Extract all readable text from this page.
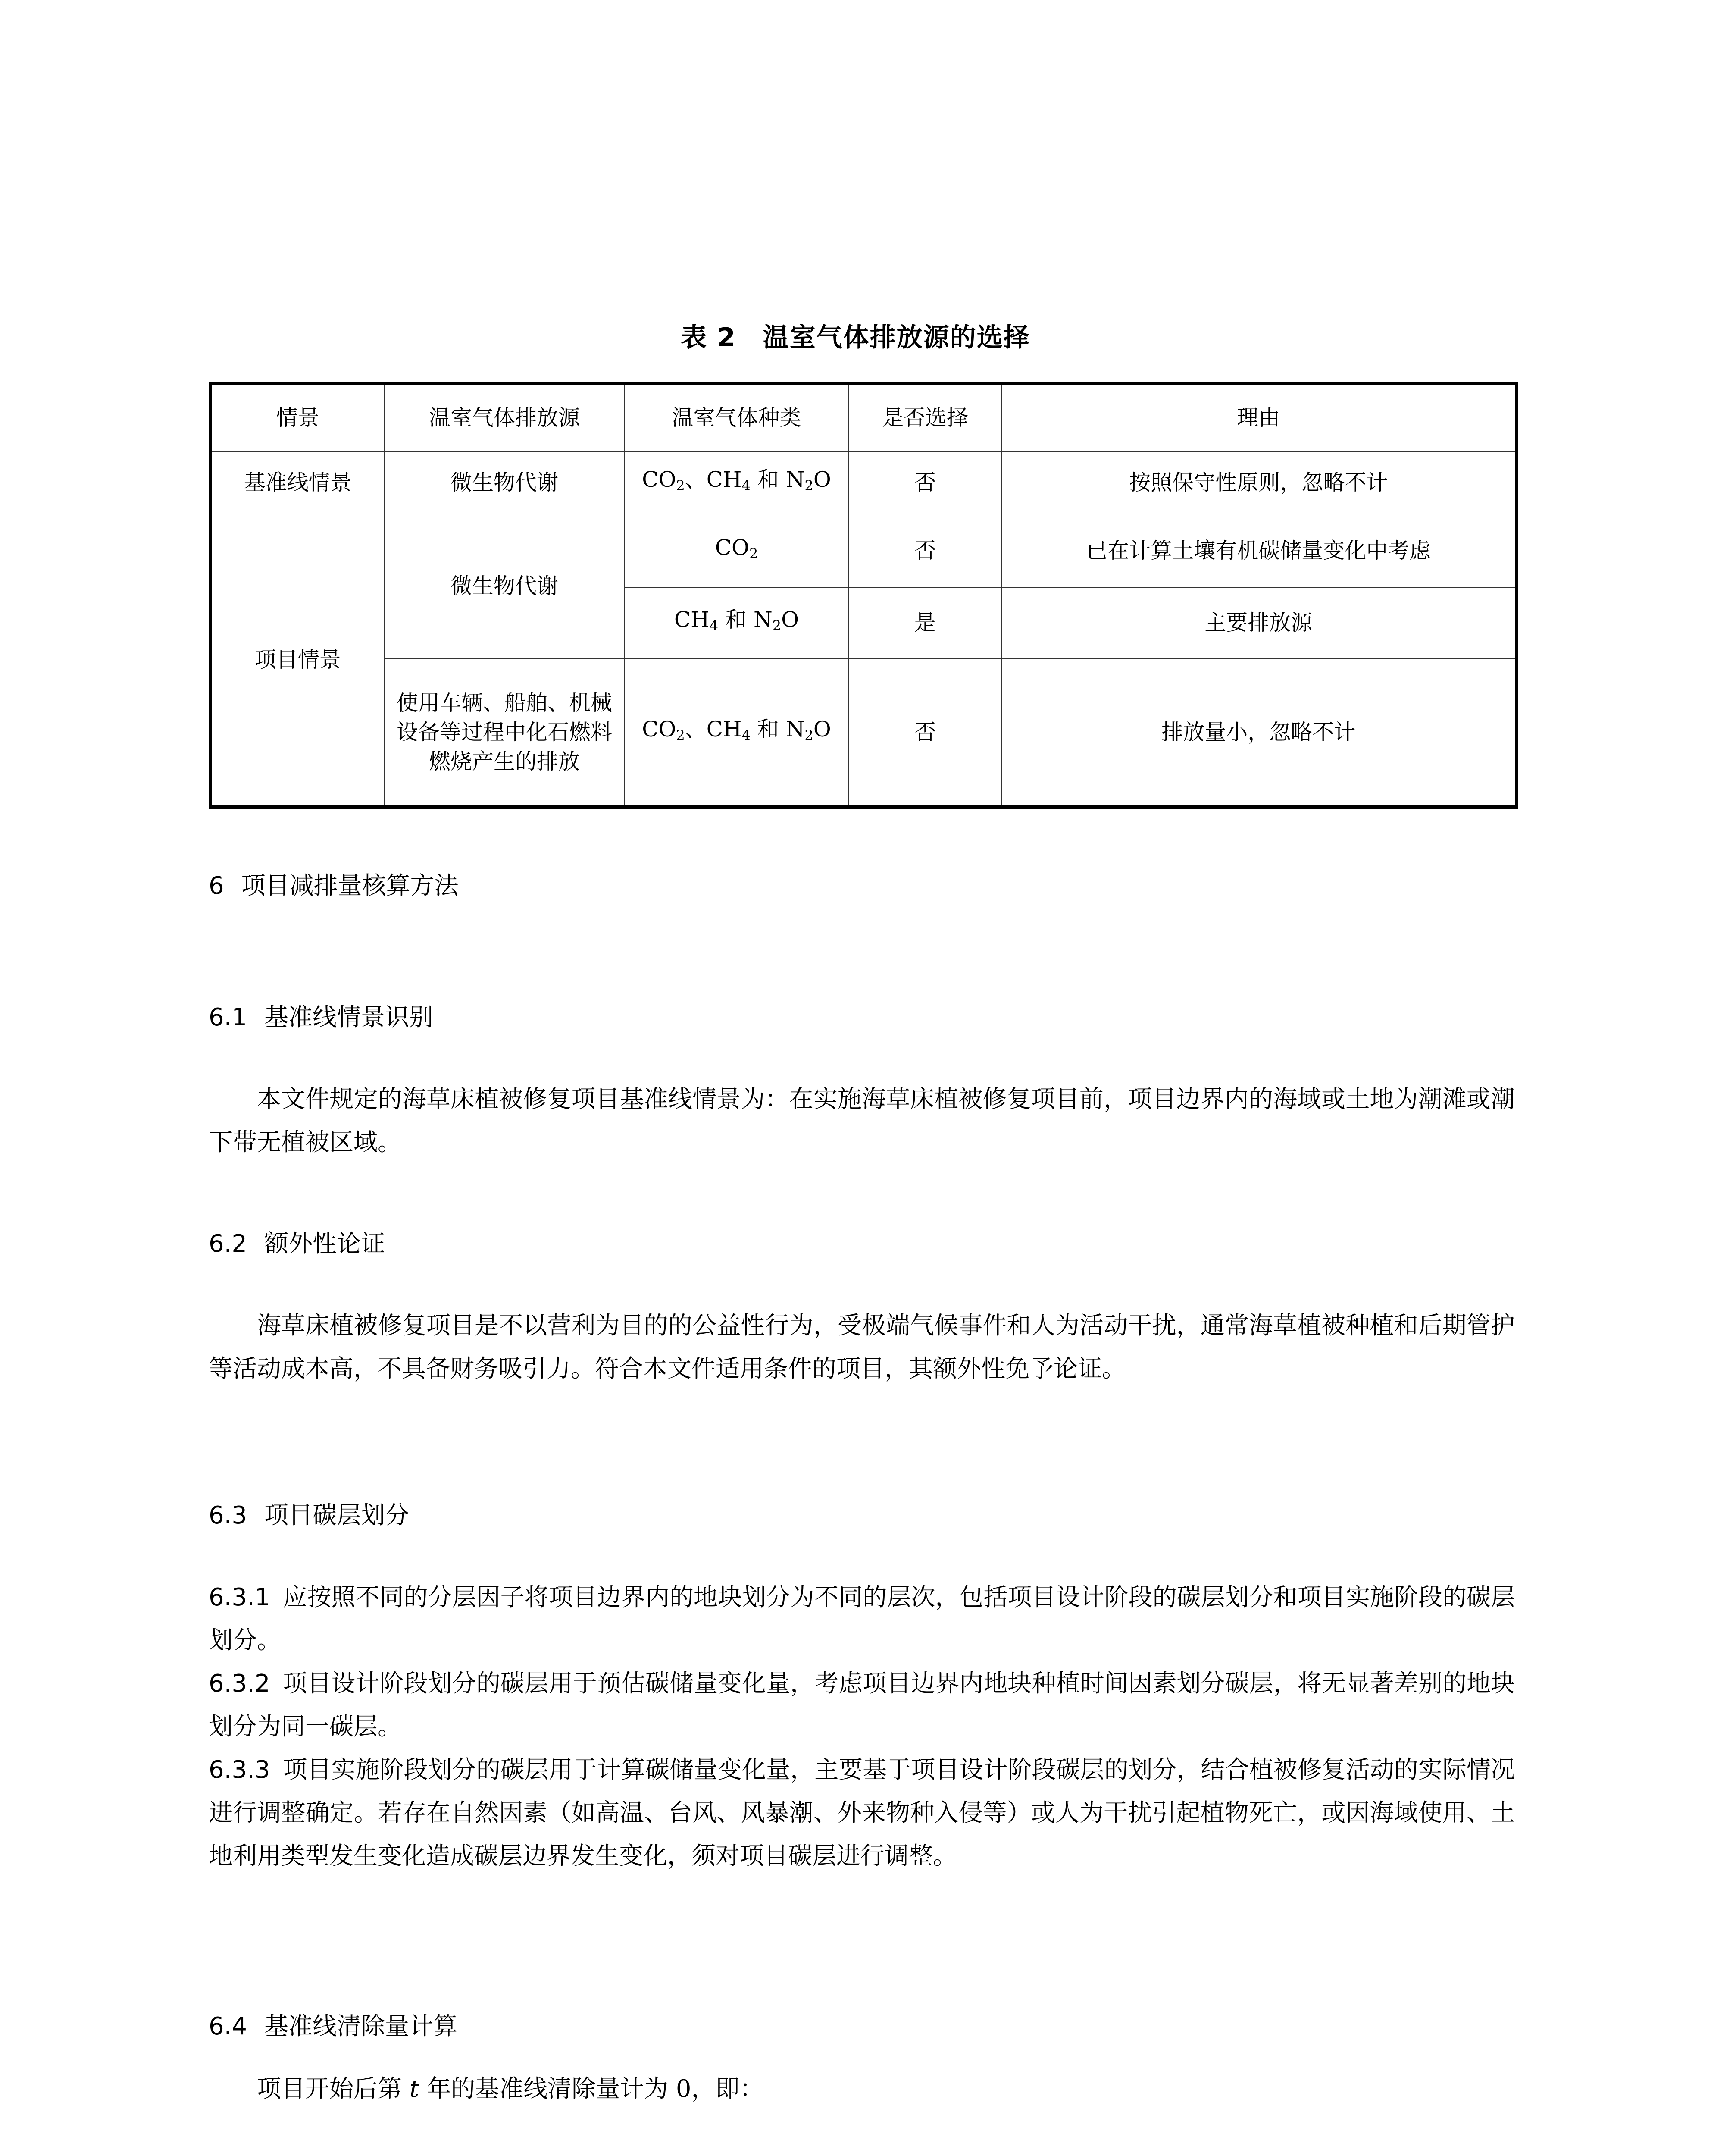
表 2　温室气体排放源的选择
情景	温室气体排放源	温室气体种类	是否选择	理由
基准线情景	微生物代谢	$CO_2$、$CH_4$ 和 $N_2O$	否	按照保守性原则，忽略不计
项目情景	微生物代谢	$CO_2$	否	已在计算土壤有机碳储量变化中考虑
		$CH_4$ 和 $N_2O$	是	主要排放源
	使用车辆、船舶、机械设备等过程中化石燃料燃烧产生的排放	$CO_2$、$CH_4$ 和 $N_2O$	否	排放量小，忽略不计
6 项目减排量核算方法
6.1 基准线情景识别
本文件规定的海草床植被修复项目基准线情景为：在实施海草床植被修复项目前，项目边界内的海域或土地为潮滩或潮下带无植被区域。
6.2 额外性论证
海草床植被修复项目是不以营利为目的的公益性行为，受极端气候事件和人为活动干扰，通常海草植被种植和后期管护等活动成本高，不具备财务吸引力。符合本文件适用条件的项目，其额外性免予论证。
6.3 项目碳层划分
6.3.1 应按照不同的分层因子将项目边界内的地块划分为不同的层次，包括项目设计阶段的碳层划分和项目实施阶段的碳层划分。
6.3.2 项目设计阶段划分的碳层用于预估碳储量变化量，考虑项目边界内地块种植时间因素划分碳层，将无显著差别的地块划分为同一碳层。
6.3.3 项目实施阶段划分的碳层用于计算碳储量变化量，主要基于项目设计阶段碳层的划分，结合植被修复活动的实际情况进行调整确定。若存在自然因素（如高温、台风、风暴潮、外来物种入侵等）或人为干扰引起植物死亡，或因海域使用、土地利用类型发生变化造成碳层边界发生变化，须对项目碳层进行调整。
6.4 基准线清除量计算
项目开始后第 t 年的基准线清除量计为 0，即：
